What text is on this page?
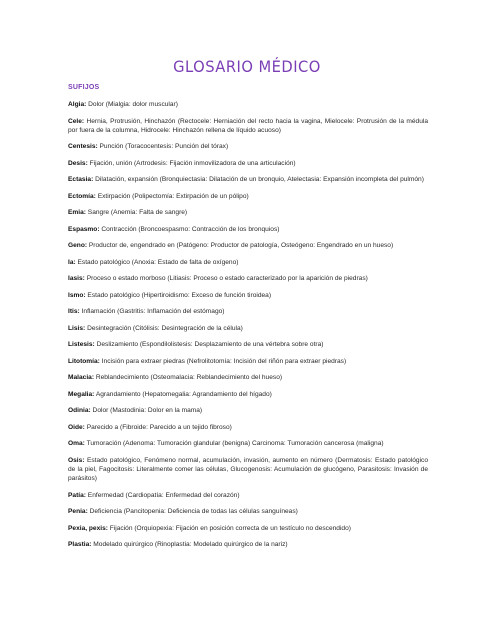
GLOSARIO MÉDICO
SUFIJOS

Algia: Dolor (Mialgia: dolor muscular)

Cele: Hernia, Protrusión, Hinchazón (Rectocele: Herniación del recto hacia la vagina, Mielocele: Protrusión de la médula por fuera de la columna, Hidrocele: Hinchazón rellena de líquido acuoso)

Centesis: Punción (Toracocentesis: Punción del tórax)

Desis: Fijación, unión (Artrodesis: Fijación inmovilizadora de una articulación)

Ectasia: Dilatación, expansión (Bronquiectasia: Dilatación de un bronquio, Atelectasia: Expansión incompleta del pulmón)

Ectomía: Extirpación (Polipectomía: Extirpación de un pólipo)

Emia: Sangre (Anemia: Falta de sangre)

Espasmo: Contracción (Broncoespasmo: Contracción de los bronquios)

Geno: Productor de, engendrado en (Patógeno: Productor de patología, Osteógeno: Engendrado en un hueso)

Ia: Estado patológico (Anoxia: Estado de falta de oxígeno)

Iasis: Proceso o estado morboso (Litiasis: Proceso o estado caracterizado por la aparición de piedras)

Ismo: Estado patológico (Hipertiroidismo: Exceso de función tiroidea)

Itis: Inflamación (Gastritis: Inflamación del estómago)

Lisis: Desintegración (Citólisis: Desintegración de la célula)

Listesis: Deslizamiento (Espondilolistesis: Desplazamiento de una vértebra sobre otra)

Litotomía: Incisión para extraer piedras (Nefrolitotomía: Incisión del riñón para extraer piedras)

Malacia: Reblandecimiento (Osteomalacia: Reblandecimiento del hueso)

Megalia: Agrandamiento (Hepatomegalia: Agrandamiento del hígado)

Odinia: Dolor (Mastodinia: Dolor en la mama)

Oide: Parecido a (Fibroide: Parecido a un tejido fibroso)

Oma: Tumoración (Adenoma: Tumoración glandular (benigna) Carcinoma: Tumoración cancerosa (maligna)

Osis: Estado patológico, Fenómeno normal, acumulación, invasión, aumento en número (Dermatosis: Estado patológico de la piel, Fagocitosis: Literalmente comer las células, Glucogenosis: Acumulación de glucógeno, Parasitosis: Invasión de parásitos)

Patía: Enfermedad (Cardiopatía: Enfermedad del corazón)

Penia: Deficiencia (Pancitopenia: Deficiencia de todas las células sanguíneas)

Pexia, pexis: Fijación (Orquiopexia: Fijación en posición correcta de un testículo no descendido)

Plastia: Modelado quirúrgico (Rinoplastia: Modelado quirúrgico de la nariz)
